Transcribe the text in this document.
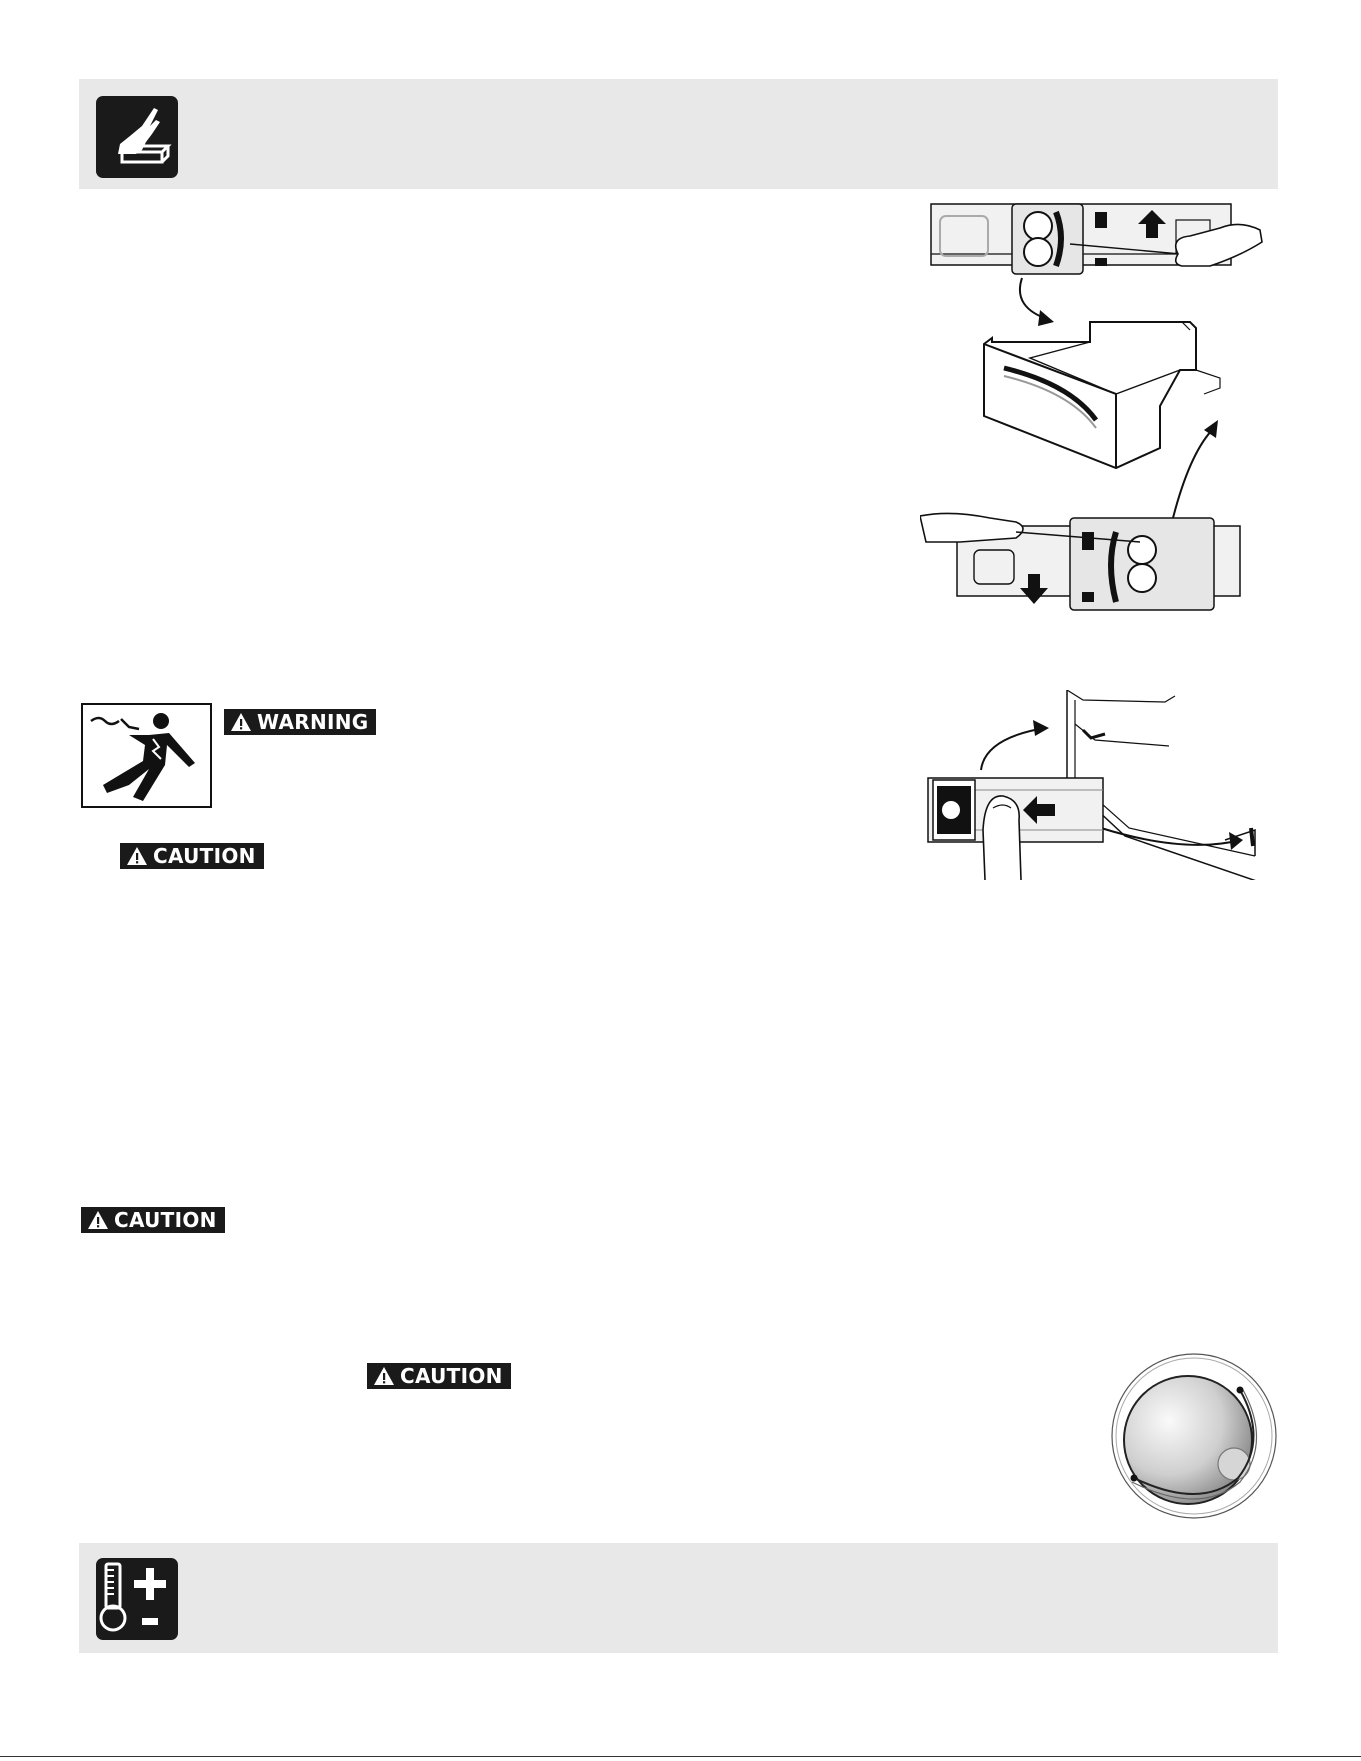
WARNING
CAUTION
CAUTION
CAUTION
